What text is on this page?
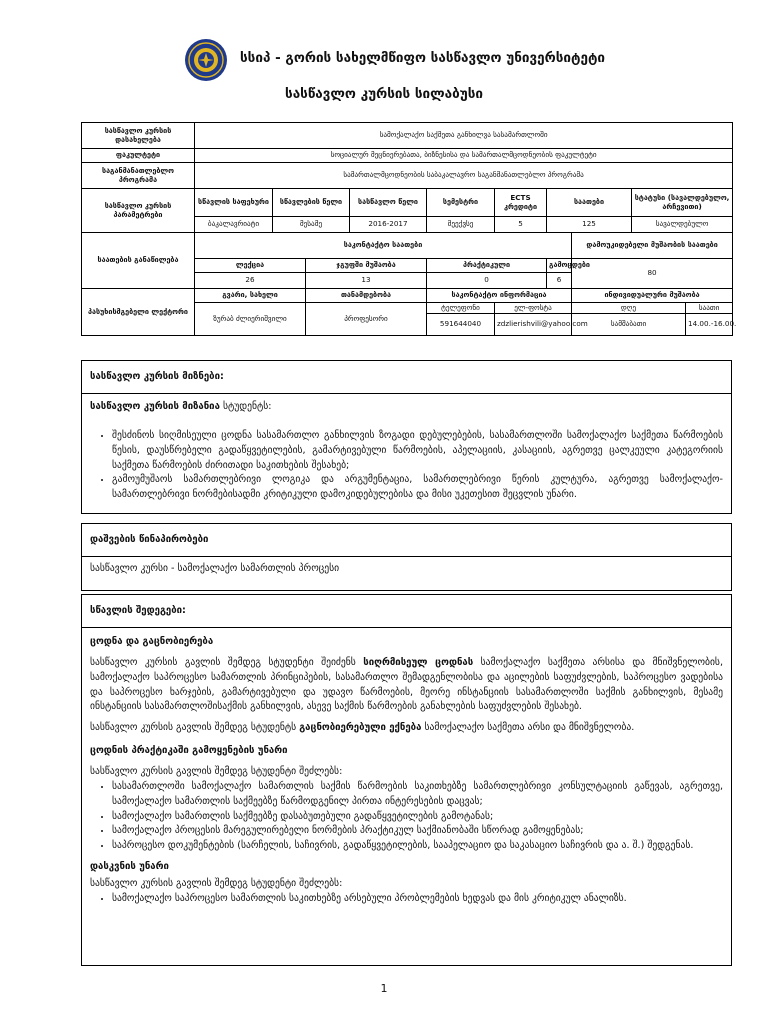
სსიპ - გორის სახელმწიფო სასწავლო უნივერსიტეტი
სასწავლო კურსის სილაბუსი
სასწავლო კურსის დასახელება	სამოქალაქო საქმეთა განხილვა სასამართლოში									
ფაკულტეტი	სოციალურ მეცნიერებათა, ბიზნესისა და სამართალმცოდნეობის ფაკულტეტი									
საგანმანათლებლო პროგრამა	სამართალმცოდნეობის საბაკალავრო საგანმანათლებლო პროგრამა									
სასწავლო კურსის პარამეტრები	სწავლის საფეხური	სწავლების წელი		სასწავლო წელი	სემესტრი	ECTS კრედიტი	საათები		სტატუსი (სავალდებულო, არჩევითი)	
	ბაკალავრიატი	მესამე		2016-2017	მეექვსე	5	125		სავალდებულო	
საათების განაწილება	საკონტაქტო საათები							დამოუკიდებელი მუშაობის საათები		
	ლექცია		ჯგუფში მუშაობა		პრაქტიკული		გამოცდები	80		
	26		13		0		6			
პასუხისმგებელი ლექტორი	გვარი, სახელი		თანამდებობა		საკონტაქტო ინფორმაცია			ინდივიდუალური მუშაობა		
	ზურაბ ძლიერიშვილი		პროფესორი		ტელეფონი	ელ-ფოსტა		დღე		საათი
					591644040	zdzlierishvili@yahoo.com		სამშაბათი		14.00.-16.00.
სასწავლო კურსის მიზნები:

სასწავლო კურსის მიზანია სტუდენტს:

• შესძინოს სიღმისეული ცოდნა სასამართლო განხილვის ზოგადი დებულებების, სასამართლოში სამოქალაქო საქმეთა წარმოების წესის, დაუსწრებელი გადაწყვეტილების, გამარტივებული წარმოების, აპელაციის, კასაციის, აგრეთვე ცალკეული კატეგორიის საქმეთა წარმოების ძირითადი საკითხების შესახებ;
• გამოუმუშაოს სამართლებრივი ლოგიკა და არგუმენტაცია, სამართლებრივი წერის კულტურა, აგრეთვე სამოქალაქო-სამართლებრივი ნორმებისადმი კრიტიკული დამოკიდებულებისა და მისი უკეთესით შეცვლის უნარი.
დაშვების წინაპირობები

სასწავლო კურსი - სამოქალაქო სამართლის პროცესი

სწავლის შედეგები:
ცოდნა და გაცნობიერება

სასწავლო კურსის გავლის შემდეგ სტუდენტი შეიძენს სიღრმისეულ ცოდნას სამოქალაქო საქმეთა არსისა და მნიშვნელობის, სამოქალაქო საპროცესო სამართლის პრინციპების, სასამართლო შემადგენლობისა და აცილების საფუძვლების, საპროცესო ვადებისა და საპროცესო ხარჯების, გამარტივებული და უდავო წარმოების, მეორე ინსტანციის სასამართლოში საქმის განხილვის, მესამე ინსტანციის სასამართლოშისაქმის განხილვის, ასევე საქმის წარმოების განახლების საფუძვლების შესახებ.

სასწავლო კურსის გავლის შემდეგ სტუდენტს გაცნობიერებული ექნება სამოქალაქო საქმეთა არსი და მნიშვნელობა.

ცოდნის პრაქტიკაში გამოყენების უნარი

სასწავლო კურსის გავლის შემდეგ სტუდენტი შეძლებს:

• სასამართლოში სამოქალაქო სამართლის საქმის წარმოების საკითხებზე სამართლებრივი კონსულტაციის გაწევას, აგრეთვე, სამოქალაქო სამართლის საქმეებზე წარმოდგენილ პირთა ინტერესების დაცვას;
• სამოქალაქო სამართლის საქმეებზე დასაბუთებული გადაწყვეტილების გამოტანას;
• სამოქალაქო პროცესის მარეგულირებელი ნორმების პრაქტიკულ საქმიანობაში სწორად გამოყენებას;
• საპროცესო დოკუმენტების (სარჩელის, საჩივრის, გადაწყვეტილების, სააპელაციო და საკასაციო საჩივრის და ა. შ.) შედგენას.
დასკვნის უნარი

სასწავლო კურსის გავლის შემდეგ სტუდენტი შეძლებს:

• სამოქალაქო საპროცესო სამართლის საკითხებზე არსებული პრობლემების ხედვას და მის კრიტიკულ ანალიზს.
1
